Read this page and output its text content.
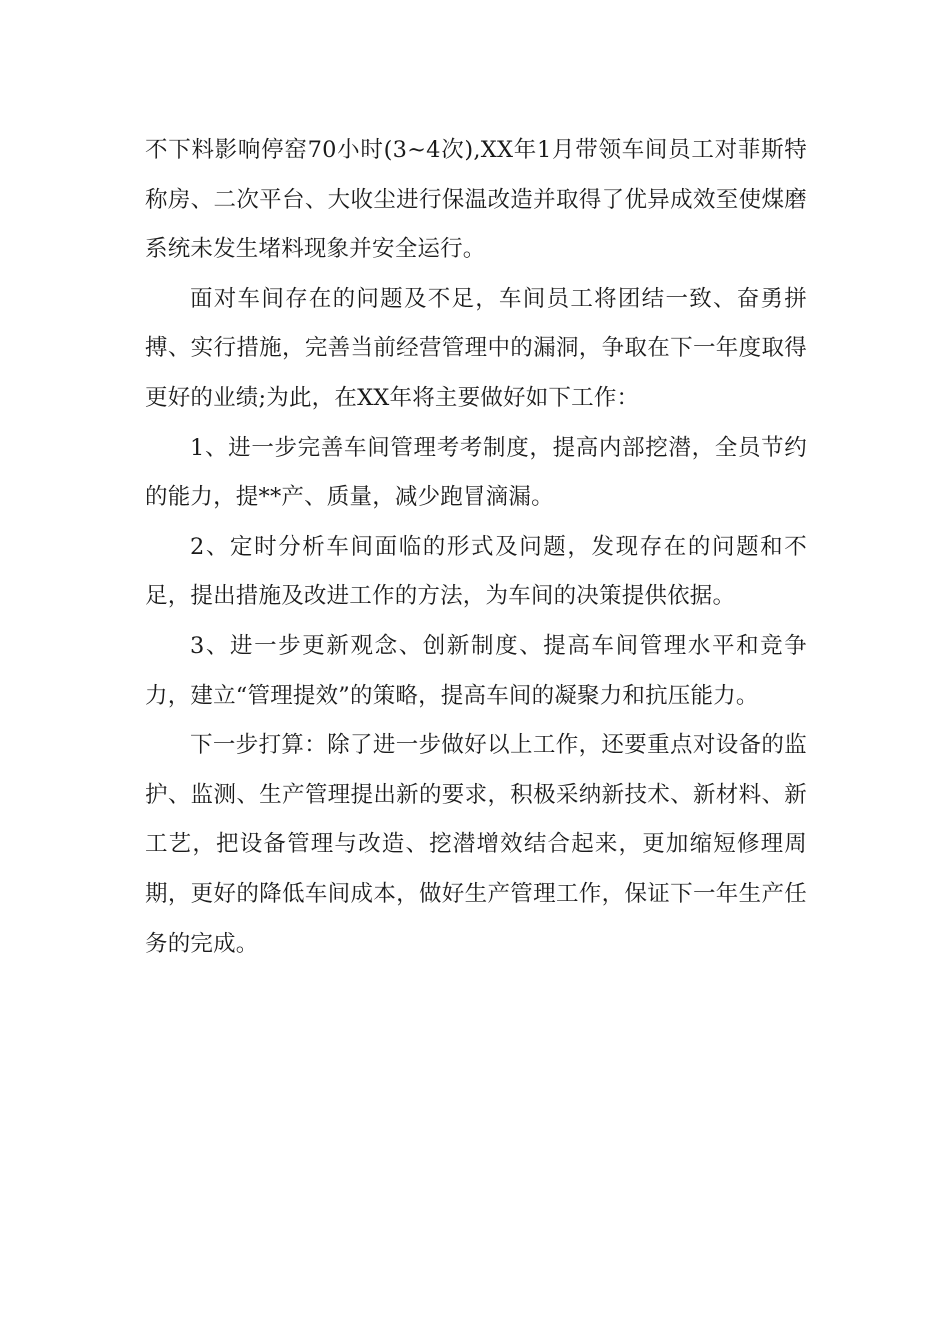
不下料影响停窑70小时(3~4次),XX年1月带领车间员工对菲斯特称房、二次平台、大收尘进行保温改造并取得了优异成效至使煤磨系统未发生堵料现象并安全运行。

面对车间存在的问题及不足，车间员工将团结一致、奋勇拼搏、实行措施，完善当前经营管理中的漏洞，争取在下一年度取得更好的业绩;为此，在XX年将主要做好如下工作：

1、进一步完善车间管理考考制度，提高内部挖潜，全员节约的能力，提**产、质量，减少跑冒滴漏。

2、定时分析车间面临的形式及问题，发现存在的问题和不足，提出措施及改进工作的方法，为车间的决策提供依据。

3、进一步更新观念、创新制度、提高车间管理水平和竞争力，建立“管理提效”的策略，提高车间的凝聚力和抗压能力。

下一步打算：除了进一步做好以上工作，还要重点对设备的监护、监测、生产管理提出新的要求，积极采纳新技术、新材料、新工艺，把设备管理与改造、挖潜增效结合起来，更加缩短修理周期，更好的降低车间成本，做好生产管理工作，保证下一年生产任务的完成。
